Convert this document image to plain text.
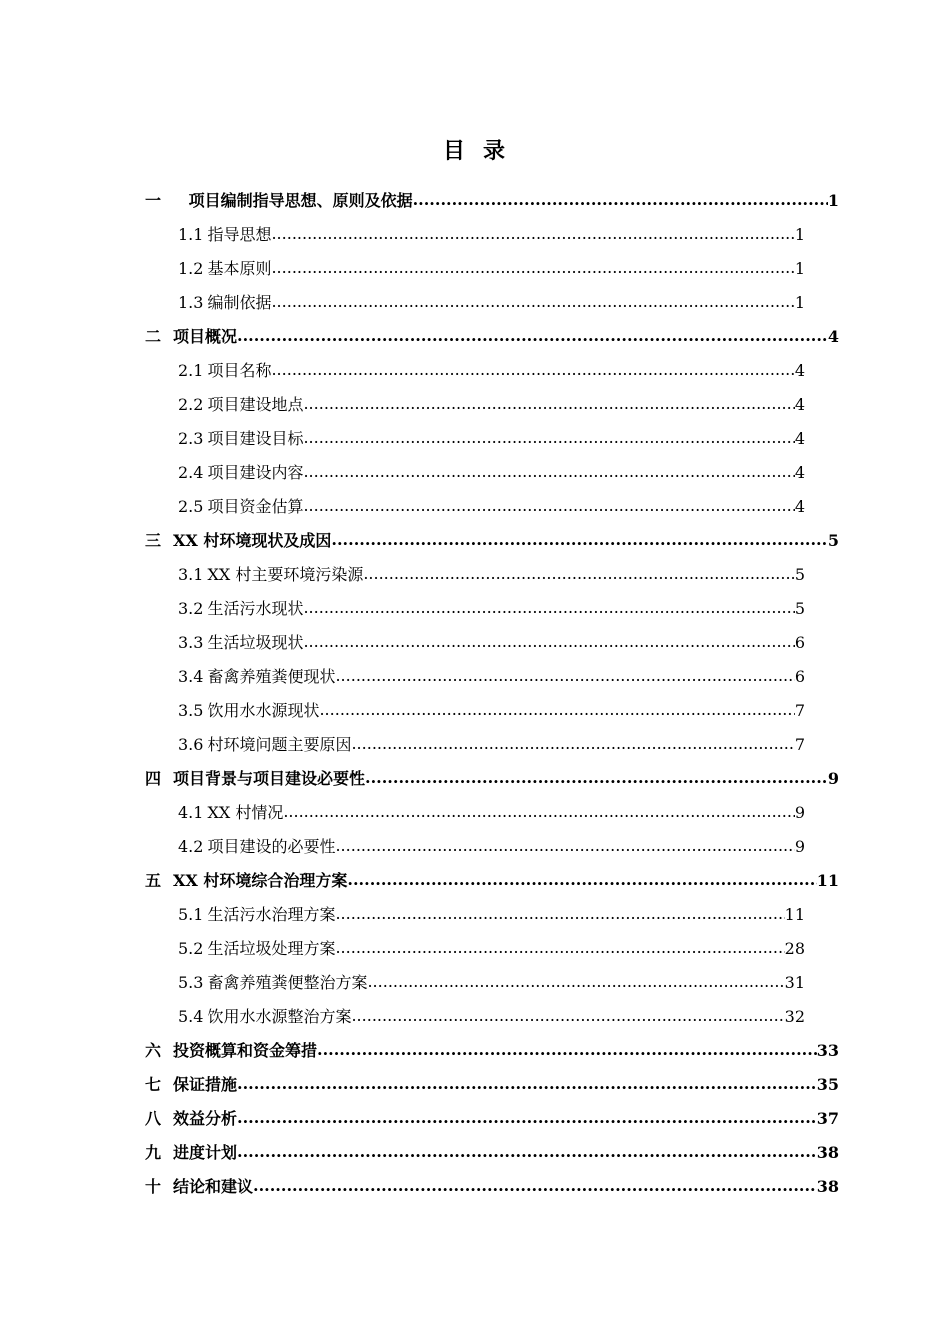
目 录
一 项目编制指导思想、原则及依据 .....	1
1.1 指导思想 .....	1
1.2 基本原则 .....	1
1.3 编制依据 .....	1
二 项目概况 .....	4
2.1 项目名称 .....	4
2.2 项目建设地点 .....	4
2.3 项目建设目标 .....	4
2.4 项目建设内容 .....	4
2.5 项目资金估算 .....	4
三 XX 村环境现状及成因 .....	5
3.1 XX 村主要环境污染源 .....	5
3.2 生活污水现状 .....	5
3.3 生活垃圾现状 .....	6
3.4 畜禽养殖粪便现状 .....	6
3.5 饮用水水源现状 .....	7
3.6 村环境问题主要原因 .....	7
四 项目背景与项目建设必要性 .....	9
4.1 XX 村情况 .....	9
4.2 项目建设的必要性 .....	9
五 XX 村环境综合治理方案 .....	11
5.1 生活污水治理方案 .....	11
5.2 生活垃圾处理方案 .....	28
5.3 畜禽养殖粪便整治方案 .....	31
5.4 饮用水水源整治方案 .....	32
六 投资概算和资金筹措 .....	33
七 保证措施 .....	35
八 效益分析 .....	37
九 进度计划 .....	38
十 结论和建议 .....	38
